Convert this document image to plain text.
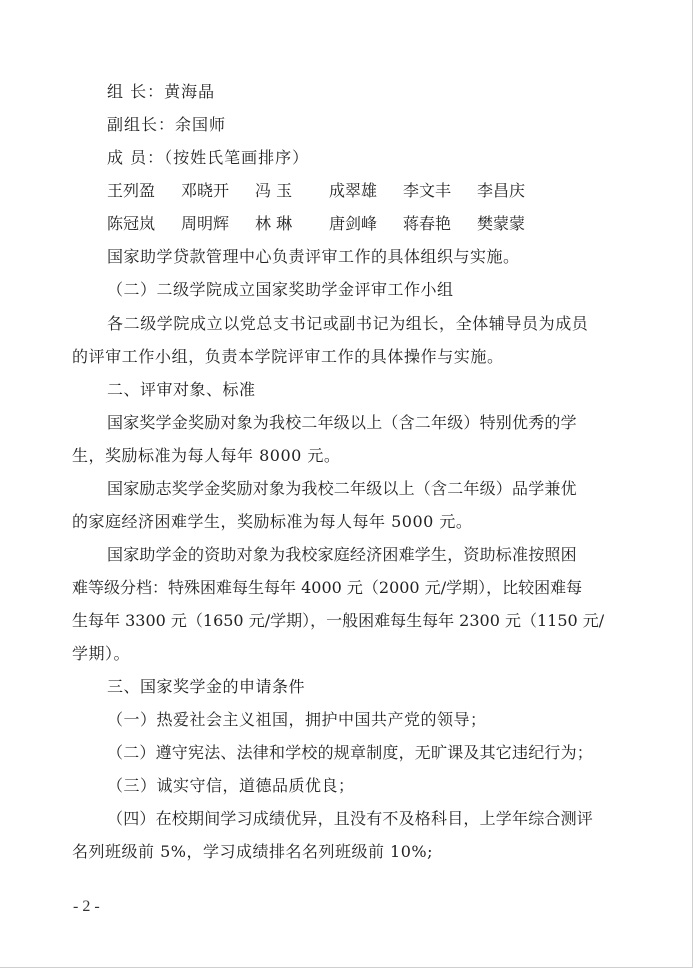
组 长：黄海晶
副组长：余国师
成 员：（按姓氏笔画排序）
王列盈 邓晓开 冯 玉 成翠雄 李文丰 李昌庆
陈冠岚 周明辉 林 琳 唐剑峰 蒋春艳 樊蒙蒙
国家助学贷款管理中心负责评审工作的具体组织与实施。
（二）二级学院成立国家奖助学金评审工作小组
各二级学院成立以党总支书记或副书记为组长，全体辅导员为成员
的评审工作小组，负责本学院评审工作的具体操作与实施。
二、评审对象、标准
国家奖学金奖励对象为我校二年级以上（含二年级）特别优秀的学
生，奖励标准为每人每年 8000 元。
国家励志奖学金奖励对象为我校二年级以上（含二年级）品学兼优
的家庭经济困难学生，奖励标准为每人每年 5000 元。
国家助学金的资助对象为我校家庭经济困难学生，资助标准按照困
难等级分档：特殊困难每生每年 4000 元（2000 元/学期），比较困难每
生每年 3300 元（1650 元/学期），一般困难每生每年 2300 元（1150 元/
学期）。
三、国家奖学金的申请条件
（一）热爱社会主义祖国，拥护中国共产党的领导；
（二）遵守宪法、法律和学校的规章制度，无旷课及其它违纪行为；
（三）诚实守信，道德品质优良；
（四）在校期间学习成绩优异，且没有不及格科目，上学年综合测评
名列班级前 5%，学习成绩排名名列班级前 10%;
- 2 -
